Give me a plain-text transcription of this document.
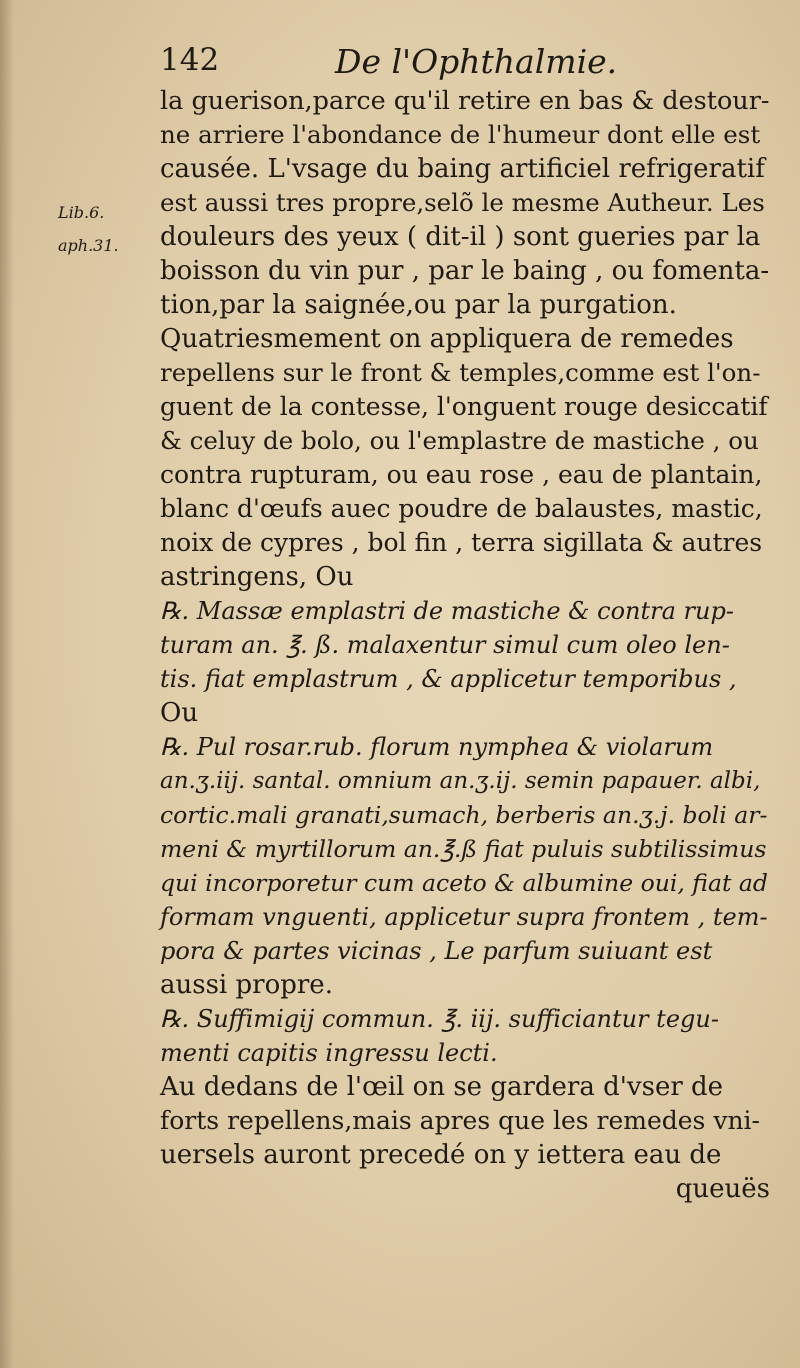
142	De l'Ophthalmie.
Lib.6.
aph.31.
la guerison,parce qu'il retire en bas & destour-
ne arriere l'abondance de l'humeur dont elle est
causée. L'vsage du baing artificiel refrigeratif
est aussi tres propre,selõ le mesme Autheur. Les
douleurs des yeux ( dit-il ) sont gueries par la
boisson du vin pur , par le baing , ou fomenta-
tion,par la saignée,ou par la purgation.
Quatriesmement on appliquera de remedes
repellens sur le front & temples,comme est l'on-
guent de la contesse, l'onguent rouge desiccatif
& celuy de bolo, ou l'emplastre de mastiche , ou
contra rupturam, ou eau rose , eau de plantain,
blanc d'œufs auec poudre de balaustes, mastic,
noix de cypres , bol fin , terra sigillata & autres
astringens, Ou
℞. Massæ emplastri de mastiche & contra rup-
turam an. ℥. ß. malaxentur simul cum oleo len-
tis. fiat emplastrum , & applicetur temporibus ,
Ou
℞. Pul rosar.rub. florum nymphea & violarum
an.ʒ.iij. santal. omnium an.ʒ.ij. semin papauer. albi,
cortic.mali granati,sumach, berberis an.ʒ.j. boli ar-
meni & myrtillorum an.℥.ß fiat puluis subtilissimus
qui incorporetur cum aceto & albumine oui, fiat ad
formam vnguenti, applicetur supra frontem , tem-
pora & partes vicinas , Le parfum suiuant est
aussi propre.
℞. Suffimigij commun. ℥. iij. sufficiantur tegu-
menti capitis ingressu lecti.
Au dedans de l'œil on se gardera d'vser de
forts repellens,mais apres que les remedes vni-
uersels auront precedé on y iettera eau de
queuës
